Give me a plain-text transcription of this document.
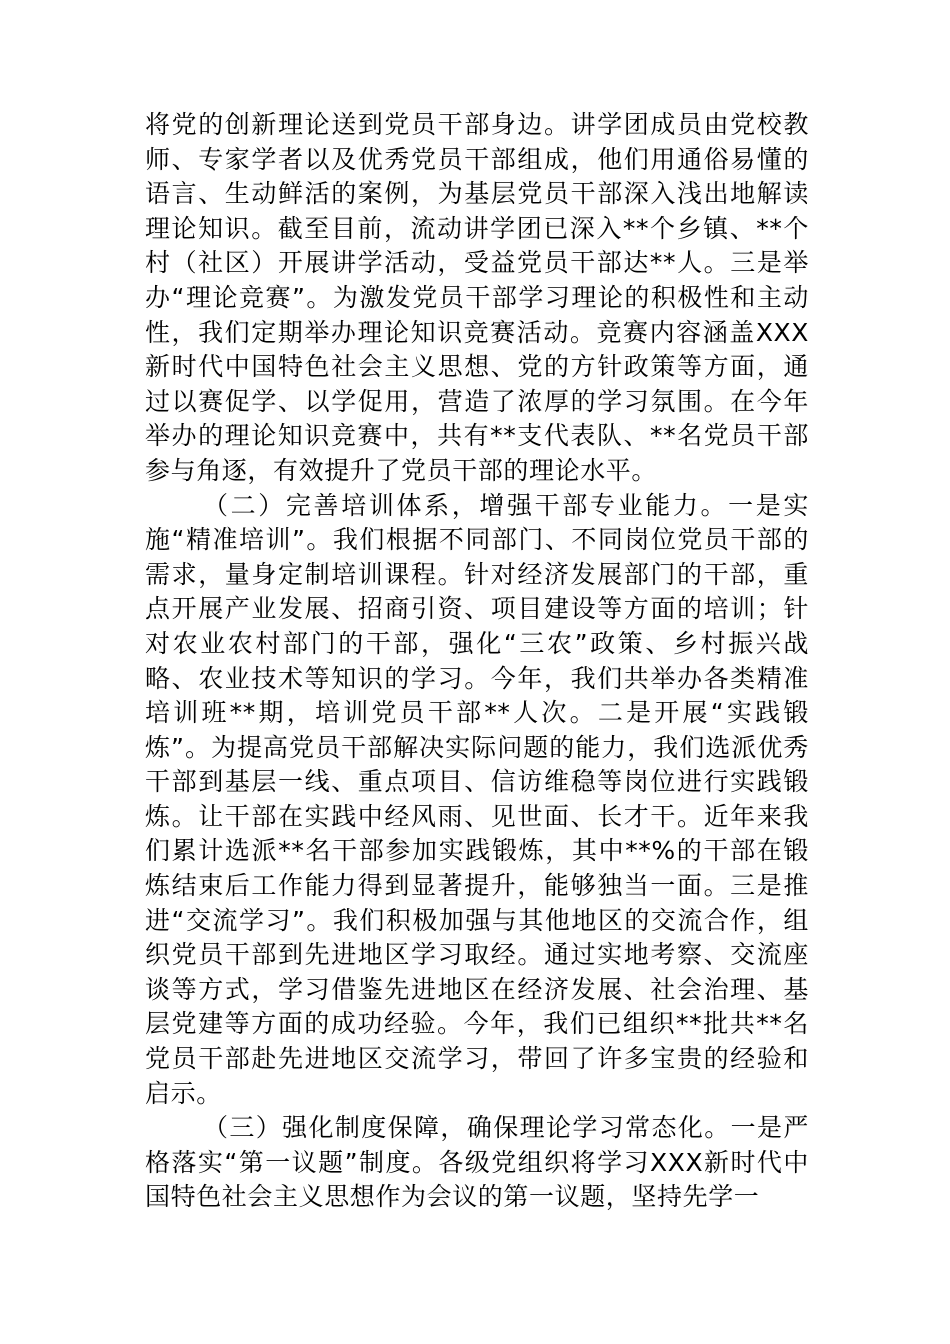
将党的创新理论送到党员干部身边。讲学团成员由党校教师、专家学者以及优秀党员干部组成，他们用通俗易懂的语言、生动鲜活的案例，为基层党员干部深入浅出地解读理论知识。截至目前，流动讲学团已深入**个乡镇、**个村（社区）开展讲学活动，受益党员干部达**人。三是举办“理论竞赛”。为激发党员干部学习理论的积极性和主动性，我们定期举办理论知识竞赛活动。竞赛内容涵盖XXX新时代中国特色社会主义思想、党的方针政策等方面，通过以赛促学、以学促用，营造了浓厚的学习氛围。在今年举办的理论知识竞赛中，共有**支代表队、**名党员干部参与角逐，有效提升了党员干部的理论水平。

（二）完善培训体系，增强干部专业能力。一是实施“精准培训”。我们根据不同部门、不同岗位党员干部的需求，量身定制培训课程。针对经济发展部门的干部，重点开展产业发展、招商引资、项目建设等方面的培训；针对农业农村部门的干部，强化“三农”政策、乡村振兴战略、农业技术等知识的学习。今年，我们共举办各类精准培训班**期，培训党员干部**人次。二是开展“实践锻炼”。为提高党员干部解决实际问题的能力，我们选派优秀干部到基层一线、重点项目、信访维稳等岗位进行实践锻炼。让干部在实践中经风雨、见世面、长才干。近年来我们累计选派**名干部参加实践锻炼，其中**%的干部在锻炼结束后工作能力得到显著提升，能够独当一面。三是推进“交流学习”。我们积极加强与其他地区的交流合作，组织党员干部到先进地区学习取经。通过实地考察、交流座谈等方式，学习借鉴先进地区在经济发展、社会治理、基层党建等方面的成功经验。今年，我们已组织**批共**名党员干部赴先进地区交流学习，带回了许多宝贵的经验和启示。

（三）强化制度保障，确保理论学习常态化。一是严格落实“第一议题”制度。各级党组织将学习XXX新时代中国特色社会主义思想作为会议的第一议题，坚持先学一
